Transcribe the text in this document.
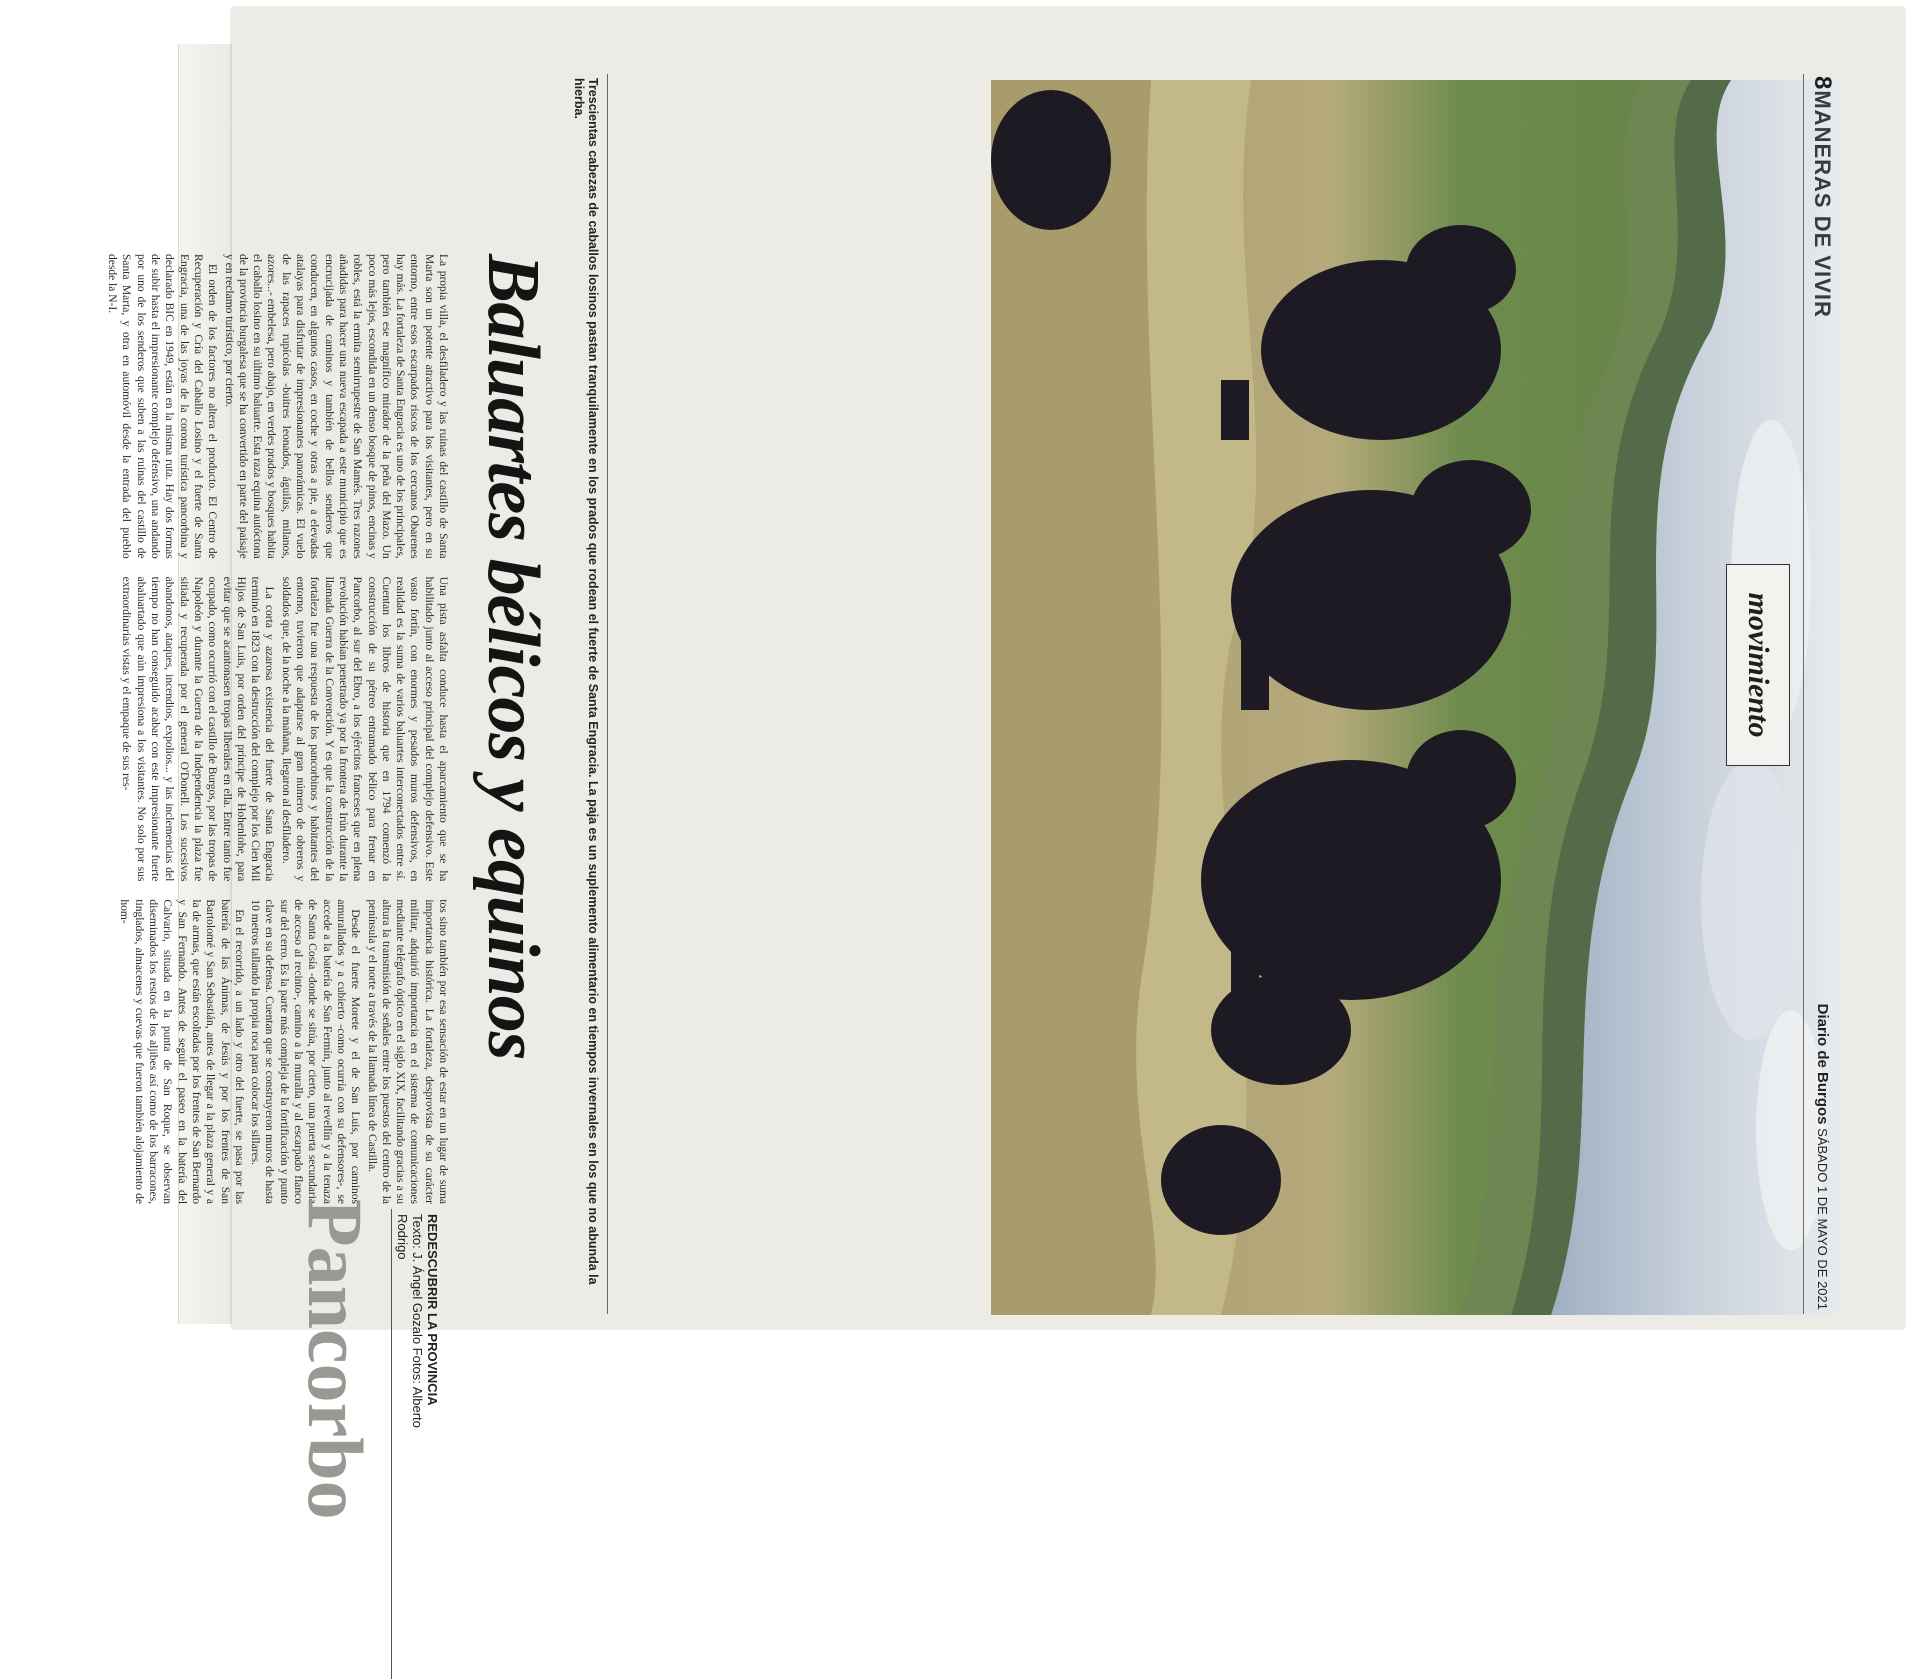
8MANERAS DE VIVIR
Diario de Burgos SÁBADO 1 DE MAYO DE 2021
movimiento
Trescientas cabezas de caballos losinos pastan tranquilamente en los prados que rodean el fuerte de Santa Engracia. La paja es un suplemento alimentario en tiempos invernales en los que no abunda la hierba.
Baluartes bélicos y equinos

La propia villa, el desfiladero y las ruinas del castillo de Santa Marta son un potente atractivo para los visitantes, pero en su entorno, entre esos escarpados riscos de los cercanos Obarenes hay más. La fortaleza de Santa Engracia es uno de los principales, pero también ese magnífico mirador de la peña del Mazo. Un poco más lejos, escondida en un denso bosque de pinos, encinas y robles, está la ermita semirrupestre de San Mamés. Tres razones añadidas para hacer una nueva escapada a este municipio que es encrucijada de caminos y también de bellos senderos que conducen, en algunos casos, en coche y otras a pie, a elevadas atalayas para disfrutar de impresionantes panorámicas. El vuelo de las rapaces rupícolas -buitres leonados, águilas, milanos, azores...- embelesa, pero abajo, en verdes prados y bosques habita el caballo losino en su último baluarte. Esta raza equina autóctona de la provincia burgalesa que se ha convertido en parte del paisaje y en reclamo turístico, por cierto.

El orden de los factores no altera el producto. El Centro de Recuperación y Cría del Caballo Losino y el fuerte de Santa Engracia, una de las joyas de la corona turística pancorbina y declarado BIC en 1949, están en la misma ruta. Hay dos formas de subir hasta el impresionante complejo defensivo, una andando por uno de los senderos que suben a las ruinas del castillo de Santa Marta, y otra en automóvil desde la entrada del pueblo desde la N-I.

Una pista asfalta conduce hasta el aparcamiento que se ha habilitado junto al acceso principal del complejo defensivo. Este vasto fortín, con enormes y pesados muros defensivos, en realidad es la suma de varios baluartes interconectados entre sí. Cuentan los libros de historia que en 1794 comenzó la construcción de su pétreo entramado bélico para frenar en Pancorbo, al sur del Ebro, a los ejércitos franceses que en plena revolución habían penetrado ya por la frontera de Irún durante la llamada Guerra de la Convención. Y es que la construcción de la fortaleza fue una respuesta de los pancorbinos y habitantes del entorno, tuvieron que adaptarse al gran número de obreros y soldados que, de la noche a la mañana, llegaron al desfiladero.

La corta y azarosa existencia del fuerte de Santa Engracia terminó en 1823 con la destrucción del complejo por los Cien Mil Hijos de San Luis, por orden del príncipe de Hohenlohe, para evitar que se acantonasen tropas liberales en ella. Entre tanto fue ocupado, como ocurrió con el castillo de Burgos, por las tropas de Napoleón y durante la Guerra de la Independencia la plaza fue sitiada y recuperada por el general O'Donell. Los sucesivos abandonos, ataques, incendios, expolios... y las inclemencias del tiempo no han conseguido acabar con este impresionante fuerte abaluartado que aún impresiona a los visitantes. No solo por sus extraordinarias vistas y el empaque de sus res-

tos sino también por esa sensación de estar en un lugar de suma importancia histórica. La fortaleza, desprovista de su carácter militar, adquirió importancia en el sistema de comunicaciones mediante telégrafo óptico en el siglo XIX, facilitando gracias a su altura la transmisión de señales entre los puestos del centro de la península y el norte a través de la llamada línea de Castilla.

Desde el fuerte Morete y el de San Luis, por caminos amurallados y a cubierto -como ocurría con su defensores-, se accede a la batería de San Fermín, junto al revellín y a la tenaza de Santa Cosía -donde se sitúa, por cierto, una puerta secundaria de acceso al recinto-, camino a la muralla y al escarpado flanco sur del cerro. Es la parte más compleja de la fortificación y punto clave en su defensa. Cuentan que se construyeron muros de hasta 10 metros tallando la propia roca para colocar los sillares.

En el recorrido, a un lado y otro del fuerte, se pasa por las batería de las Ánimas, de Jesús y por los frentes de San Bartolomé y San Sebastián, antes de llegar a la plaza general y a la de armas, que están escoltadas por los frentes de San Bernardo y San Fernando. Antes de seguir el paseo en la batería del Calvario, situada en la punta de San Roque, se observan diseminados los restos de los aljibes así como de los barracones, tinglados, almacenes y cuevas que fueron también alojamiento de hom-

REDESCUBRIR LA PROVINCIA
Texto: J. Ángel Gozalo Fotos: Alberto Rodrigo
Pancorbo
